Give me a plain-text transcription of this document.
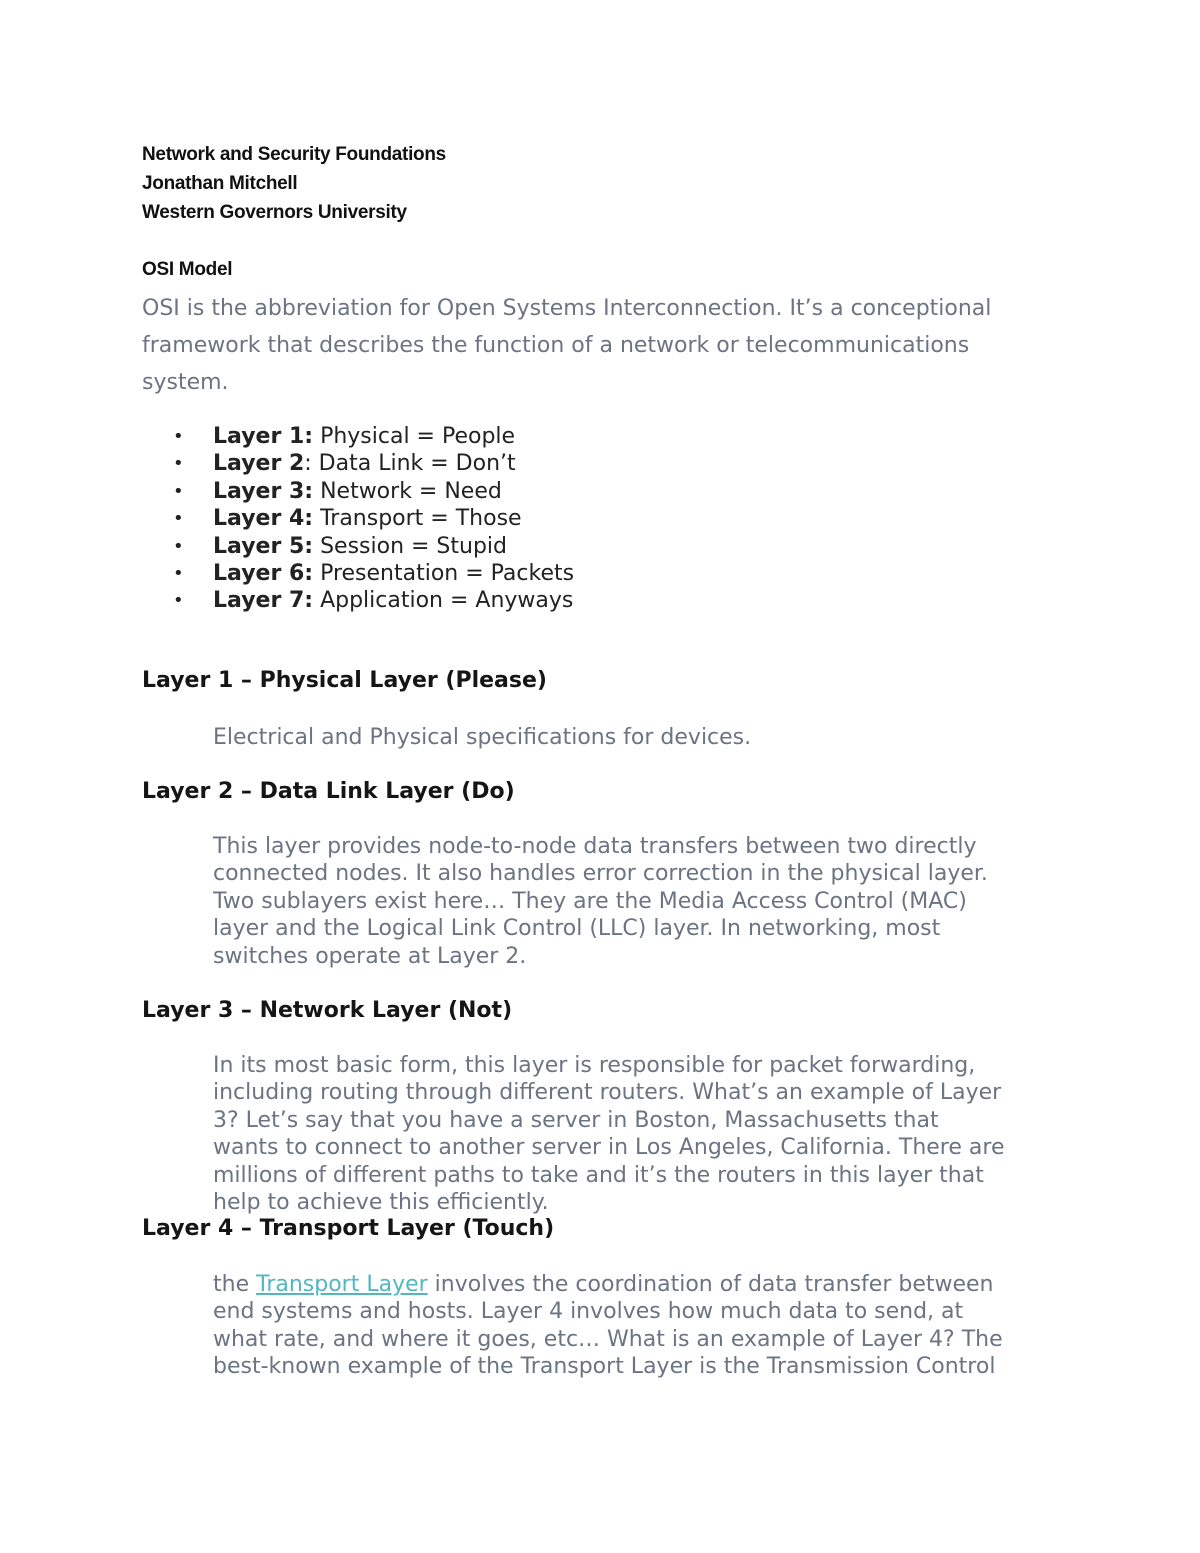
Network and Security Foundations
Jonathan Mitchell
Western Governors University
OSI Model
OSI is the abbreviation for Open Systems Interconnection. It’s a conceptional
framework that describes the function of a network or telecommunications
system.
• Layer 1: Physical = People
• Layer 2: Data Link = Don’t
• Layer 3: Network = Need
• Layer 4: Transport = Those
• Layer 5: Session = Stupid
• Layer 6: Presentation = Packets
• Layer 7: Application = Anyways
Layer 1 – Physical Layer (Please)
Electrical and Physical specifications for devices.
Layer 2 – Data Link Layer (Do)
This layer provides node-to-node data transfers between two directly
connected nodes. It also handles error correction in the physical layer.
Two sublayers exist here… They are the Media Access Control (MAC)
layer and the Logical Link Control (LLC) layer. In networking, most
switches operate at Layer 2.
Layer 3 – Network Layer (Not)
In its most basic form, this layer is responsible for packet forwarding,
including routing through different routers. What’s an example of Layer
3? Let’s say that you have a server in Boston, Massachusetts that
wants to connect to another server in Los Angeles, California. There are
millions of different paths to take and it’s the routers in this layer that
help to achieve this efficiently.
Layer 4 – Transport Layer (Touch)
the Transport Layer involves the coordination of data transfer between
end systems and hosts. Layer 4 involves how much data to send, at
what rate, and where it goes, etc… What is an example of Layer 4? The
best-known example of the Transport Layer is the Transmission Control
